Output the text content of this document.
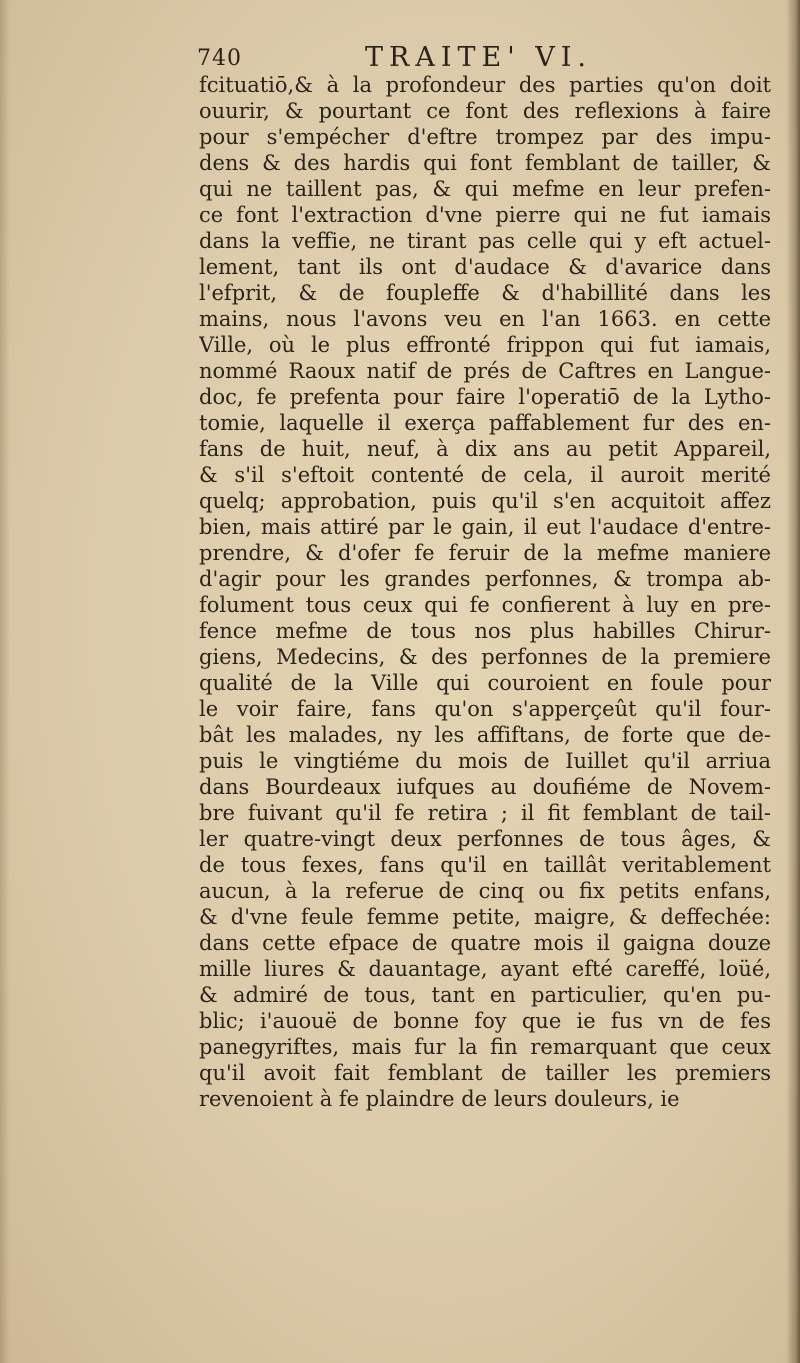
740	TRAITE' VI.
fcituatiō,& à la profondeur des parties qu'on doit
ouurir, & pourtant ce font des reflexions à faire
pour s'empécher d'eftre trompez par des impu-
dens & des hardis qui font femblant de tailler, &
qui ne taillent pas, & qui mefme en leur prefen-
ce font l'extraction d'vne pierre qui ne fut iamais
dans la veffie, ne tirant pas celle qui y eft actuel-
lement, tant ils ont d'audace & d'avarice dans
l'efprit, & de foupleffe & d'habillité dans les
mains, nous l'avons veu en l'an 1663. en cette
Ville, où le plus effronté frippon qui fut iamais,
nommé Raoux natif de prés de Caftres en Langue-
doc, fe prefenta pour faire l'operatiō de la Lytho-
tomie, laquelle il exerça paffablement fur des en-
fans de huit, neuf, à dix ans au petit Appareil,
& s'il s'eftoit contenté de cela, il auroit merité
quelq; approbation, puis qu'il s'en acquitoit affez
bien, mais attiré par le gain, il eut l'audace d'entre-
prendre, & d'ofer fe feruir de la mefme maniere
d'agir pour les grandes perfonnes, & trompa ab-
folument tous ceux qui fe confierent à luy en pre-
fence mefme de tous nos plus habilles Chirur-
giens, Medecins, & des perfonnes de la premiere
qualité de la Ville qui couroient en foule pour
le voir faire, fans qu'on s'apperçeût qu'il four-
bât les malades, ny les affiftans, de forte que de-
puis le vingtiéme du mois de Iuillet qu'il arriua
dans Bourdeaux iufques au doufiéme de Novem-
bre fuivant qu'il fe retira ; il fit femblant de tail-
ler quatre-vingt deux perfonnes de tous âges, &
de tous fexes, fans qu'il en taillât veritablement
aucun, à la referue de cinq ou fix petits enfans,
& d'vne feule femme petite, maigre, & deffechée:
dans cette efpace de quatre mois il gaigna douze
mille liures & dauantage, ayant efté careffé, loüé,
& admiré de tous, tant en particulier, qu'en pu-
blic; i'auouë de bonne foy que ie fus vn de fes
panegyriftes, mais fur la fin remarquant que ceux
qu'il avoit fait femblant de tailler les premiers
revenoient à fe plaindre de leurs douleurs, ie
